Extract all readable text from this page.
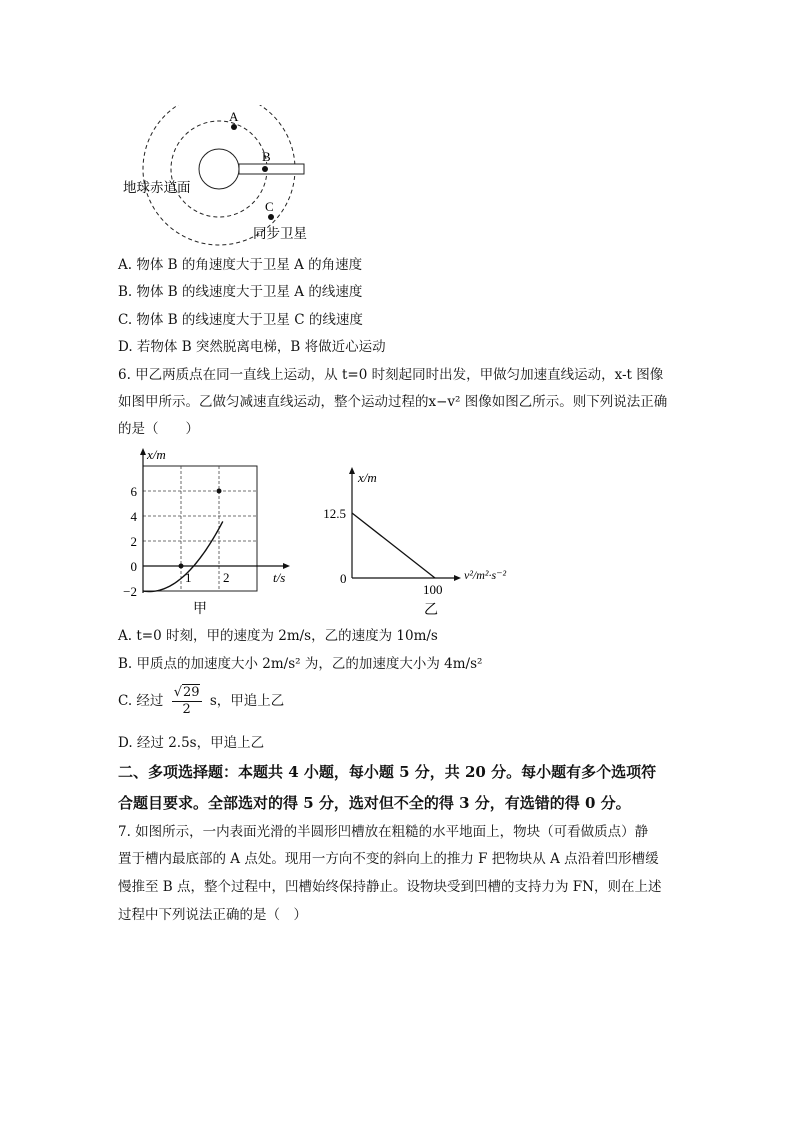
A
B
C
地球赤道面
同步卫星
A. 物体 B 的角速度大于卫星 A 的角速度
B. 物体 B 的线速度大于卫星 A 的线速度
C. 物体 B 的线速度大于卫星 C 的线速度
D. 若物体 B 突然脱离电梯，B 将做近心运动
6. 甲乙两质点在同一直线上运动，从 t=0 时刻起同时出发，甲做匀加速直线运动，x-t 图像
如图甲所示。乙做匀减速直线运动，整个运动过程的x−v² 图像如图乙所示。则下列说法正确
的是（　　）
x/m
t/s
6
4
2
0
−2
1 2
甲
x/m
v²/m²·s⁻²
12.5
0
100
乙
A. t=0 时刻，甲的速度为 2m/s，乙的速度为 10m/s
B. 甲质点的加速度大小 2m/s² 为，乙的加速度大小为 4m/s²
C. 经过 $\frac{√29}{2}$ s，甲追上乙
D. 经过 2.5s，甲追上乙
二、多项选择题：本题共 4 小题，每小题 5 分，共 20 分。每小题有多个选项符
合题目要求。全部选对的得 5 分，选对但不全的得 3 分，有选错的得 0 分。
7. 如图所示，一内表面光滑的半圆形凹槽放在粗糙的水平地面上，物块（可看做质点）静
置于槽内最底部的 A 点处。现用一方向不变的斜向上的推力 F 把物块从 A 点沿着凹形槽缓
慢推至 B 点，整个过程中，凹槽始终保持静止。设物块受到凹槽的支持力为 FN，则在上述
过程中下列说法正确的是（　）
